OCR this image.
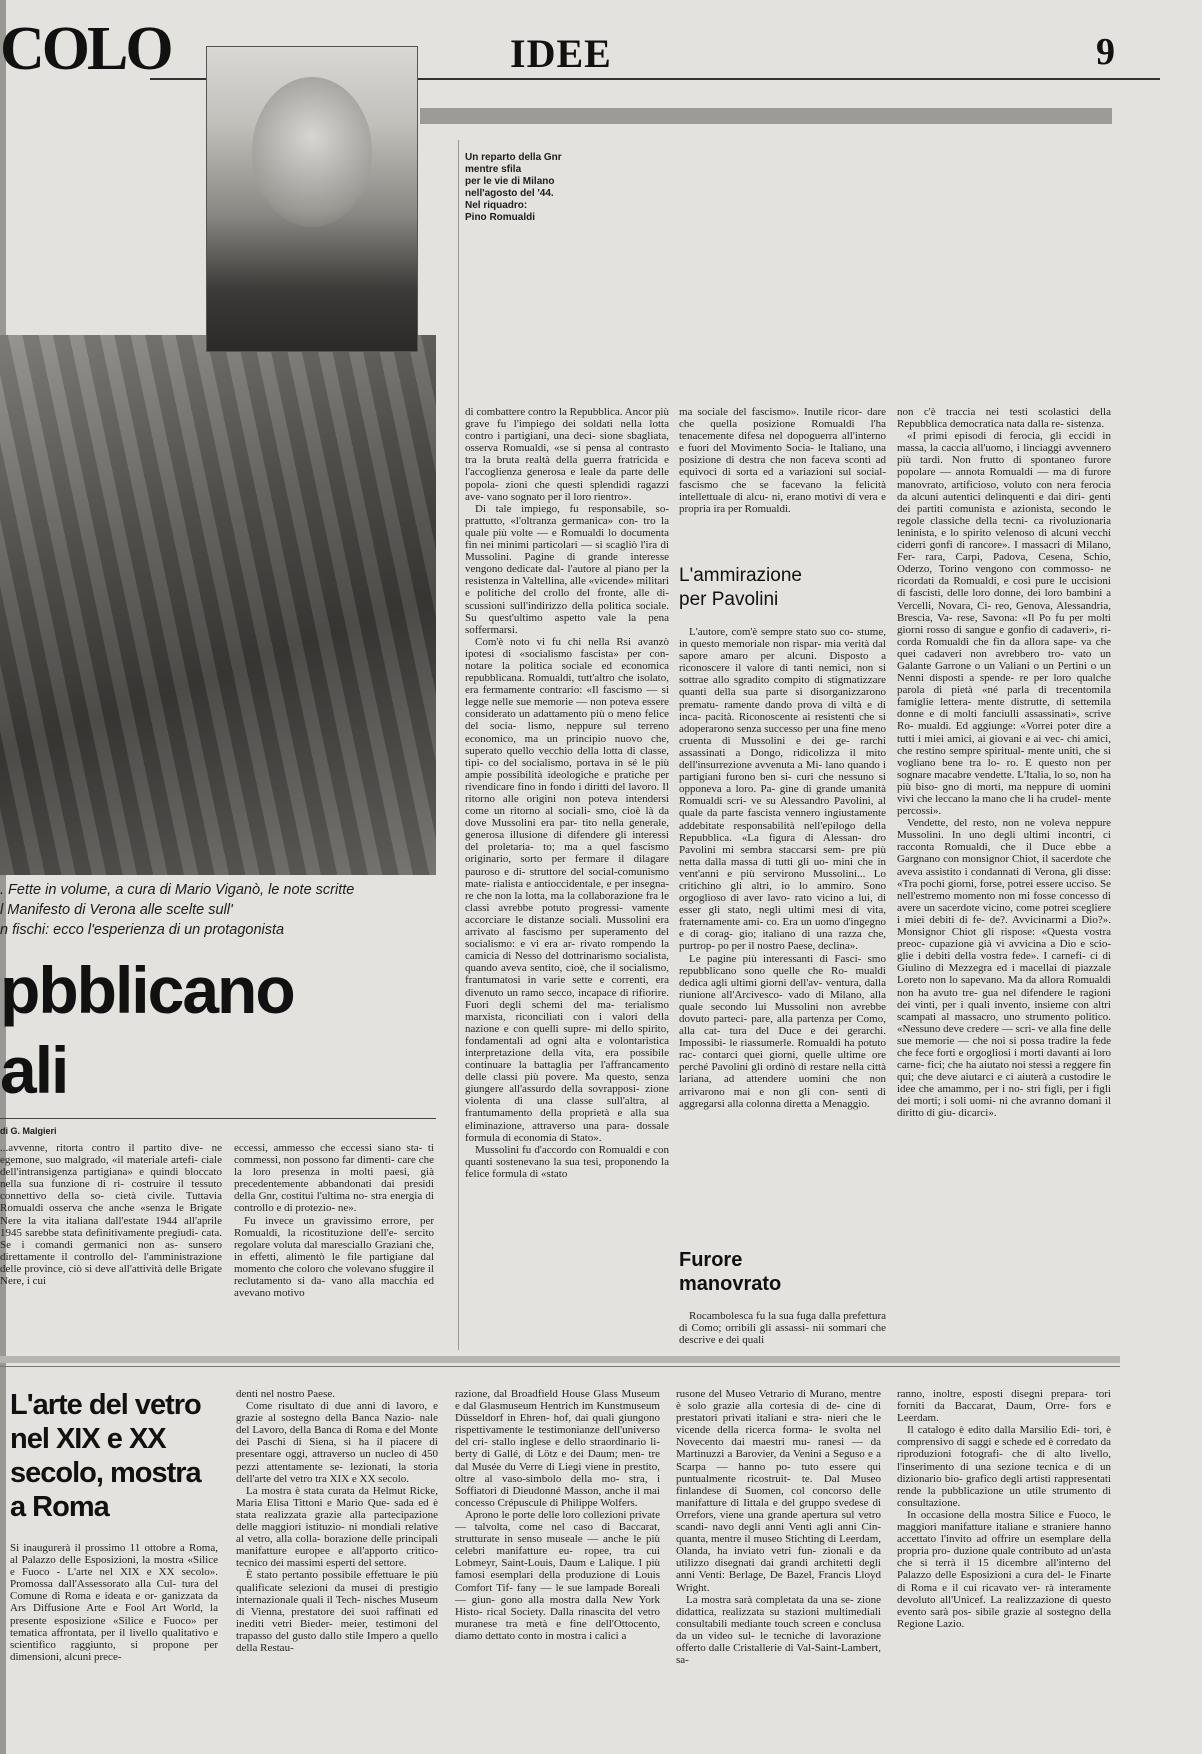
COLO	IDEE	9
Un reparto della Gnr
mentre sfila
per le vie di Milano
nell'agosto del '44.
Nel riquadro:
Pino Romualdi
. Fette in volume, a cura di Mario Viganò, le note scritte
l Manifesto di Verona alle scelte sull'
n fischi: ecco l'esperienza di un protagonista
pbblicano
ali
di G. Malgieri

...avvenne, ritorta contro il partito dive- ne egemone, suo malgrado, «il materiale artefi- ciale dell'intransigenza partigiana» e quindi bloccato nella sua funzione di ri- costruire il tessuto connettivo della so- cietà civile. Tuttavia Romualdi osserva che anche «senza le Brigate Nere la vita italiana dall'estate 1944 all'aprile 1945 sarebbe stata definitivamente pregiudi- cata. Se i comandi germanici non as- sunsero direttamente il controllo del- l'amministrazione delle province, ciò si deve all'attività delle Brigate Nere, i cui

eccessi, ammesso che eccessi siano sta- ti commessi, non possono far dimenti- care che la loro presenza in molti paesi, già precedentemente abbandonati dai presidi della Gnr, costituì l'ultima no- stra energia di controllo e di protezio- ne».

Fu invece un gravissimo errore, per Romualdi, la ricostituzione dell'e- sercito regolare voluta dal maresciallo Graziani che, in effetti, alimentò le file partigiane dal momento che coloro che volevano sfuggire il reclutamento si da- vano alla macchia ed avevano motivo

di combattere contro la Repubblica. Ancor più grave fu l'impiego dei soldati nella lotta contro i partigiani, una deci- sione sbagliata, osserva Romualdi, «se si pensa al contrasto tra la bruta realtà della guerra fratricida e l'accoglienza generosa e leale da parte delle popola- zioni che questi splendidi ragazzi ave- vano sognato per il loro rientro».

Di tale impiego, fu responsabile, so- prattutto, «l'oltranza germanica» con- tro la quale più volte — e Romualdi lo documenta fin nei minimi particolari — si scagliò l'ira di Mussolini. Pagine di grande interesse vengono dedicate dal- l'autore al piano per la resistenza in Valtellina, alle «vicende» militari e politiche del crollo del fronte, alle di- scussioni sull'indirizzo della politica sociale. Su quest'ultimo aspetto vale la pena soffermarsi.

Com'è noto vi fu chi nella Rsi avanzò ipotesi di «socialismo fascista» per con- notare la politica sociale ed economica repubblicana. Romualdi, tutt'altro che isolato, era fermamente contrario: «Il fascismo — si legge nelle sue memorie — non poteva essere considerato un adattamento più o meno felice del socia- lismo, neppure sul terreno economico, ma un principio nuovo che, superato quello vecchio della lotta di classe, tipi- co del socialismo, portava in sé le più ampie possibilità ideologiche e pratiche per rivendicare fino in fondo i diritti del lavoro. Il ritorno alle origini non poteva intendersi come un ritorno al sociali- smo, cioè là da dove Mussolini era par- tito nella generale, generosa illusione di difendere gli interessi del proletaria- to; ma a quel fascismo originario, sorto per fermare il dilagare pauroso e di- struttore del social-comunismo mate- rialista e antioccidentale, e per insegna- re che non la lotta, ma la collaborazione fra le classi avrebbe potuto progressi- vamente accorciare le distanze sociali. Mussolini era arrivato al fascismo per superamento del socialismo: e vi era ar- rivato rompendo la camicia di Nesso del dottrinarismo socialista, quando aveva sentito, cioè, che il socialismo, frantumatosi in varie sette e correnti, era divenuto un ramo secco, incapace di rifiorire. Fuori degli schemi del ma- terialismo marxista, riconciliati con i valori della nazione e con quelli supre- mi dello spirito, fondamentali ad ogni alta e volontaristica interpretazione della vita, era possibile continuare la battaglia per l'affrancamento delle classi più povere. Ma questo, senza giungere all'assurdo della sovrapposi- zione violenta di una classe sull'altra, al frantumamento della proprietà e alla sua eliminazione, attraverso una para- dossale formula di economia di Stato».

Mussolini fu d'accordo con Romualdi e con quanti sostenevano la sua tesi, proponendo la felice formula di «stato

ma sociale del fascismo». Inutile ricor- dare che quella posizione Romualdi l'ha tenacemente difesa nel dopoguerra all'interno e fuori del Movimento Socia- le Italiano, una posizione di destra che non faceva sconti ad equivoci di sorta ed a variazioni sul social-fascismo che se facevano la felicità intellettuale di alcu- ni, erano motivi di vera e propria ira per Romualdi.

L'ammirazione
per Pavolini

L'autore, com'è sempre stato suo co- stume, in questo memoriale non rispar- mia verità dal sapore amaro per alcuni. Disposto a riconoscere il valore di tanti nemici, non si sottrae allo sgradito compito di stigmatizzare quanti della sua parte si disorganizzarono prematu- ramente dando prova di viltà e di inca- pacità. Riconoscente ai resistenti che si adoperarono senza successo per una fine meno cruenta di Mussolini e dei ge- rarchi assassinati a Dongo, ridicolizza il mito dell'insurrezione avvenuta a Mi- lano quando i partigiani furono ben si- curi che nessuno si opponeva a loro. Pa- gine di grande umanità Romualdi scri- ve su Alessandro Pavolini, al quale da parte fascista vennero ingiustamente addebitate responsabilità nell'epilogo della Repubblica. «La figura di Alessan- dro Pavolini mi sembra staccarsi sem- pre più netta dalla massa di tutti gli uo- mini che in vent'anni e più servirono Mussolini... Lo critichino gli altri, io lo ammiro. Sono orgoglioso di aver lavo- rato vicino a lui, di esser gli stato, negli ultimi mesi di vita, fraternamente ami- co. Era un uomo d'ingegno e di corag- gio; italiano di una razza che, purtrop- po per il nostro Paese, declina».

Le pagine più interessanti di Fasci- smo repubblicano sono quelle che Ro- mualdi dedica agli ultimi giorni dell'av- ventura, dalla riunione all'Arcivesco- vado di Milano, alla quale secondo lui Mussolini non avrebbe dovuto parteci- pare, alla partenza per Como, alla cat- tura del Duce e dei gerarchi. Impossibi- le riassumerle. Romualdi ha potuto rac- contarci quei giorni, quelle ultime ore perché Pavolini gli ordinò di restare nella città lariana, ad attendere uomini che non arrivarono mai e non gli con- sentì di aggregarsi alla colonna diretta a Menaggio.

Furore
manovrato

Rocambolesca fu la sua fuga dalla prefettura di Como; orribili gli assassi- nii sommari che descrive e dei quali

non c'è traccia nei testi scolastici della Repubblica democratica nata dalla re- sistenza.

«I primi episodi di ferocia, gli eccidi in massa, la caccia all'uomo, i linciaggi avvennero più tardi. Non frutto di spontaneo furore popolare — annota Romualdi — ma di furore manovrato, artificioso, voluto con nera ferocia da alcuni autentici delinquenti e dai diri- genti dei partiti comunista e azionista, secondo le regole classiche della tecni- ca rivoluzionaria leninista, e lo spirito velenoso di alcuni vecchi ciderri gonfi di rancore». I massacri di Milano, Fer- rara, Carpi, Padova, Cesena, Schio, Oderzo, Torino vengono con commosso- ne ricordati da Romualdi, e così pure le uccisioni di fascisti, delle loro donne, dei loro bambini a Vercelli, Novara, Ci- reo, Genova, Alessandria, Brescia, Va- rese, Savona: «Il Po fu per molti giorni rosso di sangue e gonfio di cadaveri», ri- corda Romualdi che fin da allora sape- va che quei cadaveri non avrebbero tro- vato un Galante Garrone o un Valiani o un Pertini o un Nenni disposti a spende- re per loro qualche parola di pietà «né parla di trecentomila famiglie lettera- mente distrutte, di settemila donne e di molti fanciulli assassinati», scrive Ro- mualdi. Ed aggiunge: «Vorrei poter dire a tutti i miei amici, ai giovani e ai vec- chi amici, che restino sempre spiritual- mente uniti, che si vogliano bene tra lo- ro. E questo non per sognare macabre vendette. L'Italia, lo so, non ha più biso- gno di morti, ma neppure di uomini vivi che leccano la mano che li ha crudel- mente percossi».

Vendette, del resto, non ne voleva neppure Mussolini. In uno degli ultimi incontri, ci racconta Romualdi, che il Duce ebbe a Gargnano con monsignor Chiot, il sacerdote che aveva assistito i condannati di Verona, gli disse: «Tra pochi giorni, forse, potrei essere ucciso. Se nell'estremo momento non mi fosse concesso di avere un sacerdote vicino, come potrei scegliere i miei debiti di fe- de?. Avvicinarmi a Dio?». Monsignor Chiot gli rispose: «Questa vostra preoc- cupazione già vi avvicina a Dio e scio- glie i debiti della vostra fede». I carnefi- ci di Giulino di Mezzegra ed i macellai di piazzale Loreto non lo sapevano. Ma da allora Romualdi non ha avuto tre- gua nel difendere le ragioni dei vinti, per i quali invento, insieme con altri scampati al massacro, uno strumento politico. «Nessuno deve credere — scri- ve alla fine delle sue memorie — che noi si possa tradire la fede che fece forti e orgogliosi i morti davanti ai loro carne- fici; che ha aiutato noi stessi a reggere fin qui; che deve aiutarci e ci aiuterà a custodire le idee che amammo, per i no- stri figli, per i figli dei morti; i soli uomi- ni che avranno domani il diritto di giu- dicarci».

L'arte del vetro
nel XIX e XX
secolo, mostra
a Roma

Si inaugurerà il prossimo 11 ottobre a Roma, al Palazzo delle Esposizioni, la mostra «Silice e Fuoco - L'arte nel XIX e XX secolo». Promossa dall'Assessorato alla Cul- tura del Comune di Roma e ideata e or- ganizzata da Ars Diffusione Arte e Fool Art World, la presente esposizione «Silice e Fuoco» per tematica affrontata, per il livello qualitativo e scientifico raggiunto, si propone per dimensioni, alcuni prece-

denti nel nostro Paese.

Come risultato di due anni di lavoro, e grazie al sostegno della Banca Nazio- nale del Lavoro, della Banca di Roma e del Monte dei Paschi di Siena, si ha il piacere di presentare oggi, attraverso un nucleo di 450 pezzi attentamente se- lezionati, la storia dell'arte del vetro tra XIX e XX secolo.

La mostra è stata curata da Helmut Ricke, Maria Elisa Tittoni e Mario Que- sada ed è stata realizzata grazie alla partecipazione delle maggiori istituzio- ni mondiali relative al vetro, alla colla- borazione delle principali manifatture europee e all'apporto critico-tecnico dei massimi esperti del settore.

È stato pertanto possibile effettuare le più qualificate selezioni da musei di prestigio internazionale quali il Tech- nisches Museum di Vienna, prestatore dei suoi raffinati ed inediti vetri Bieder- meier, testimoni del trapasso del gusto dallo stile Impero a quello della Restau-

razione, dal Broadfield House Glass Museum e dal Glasmuseum Hentrich im Kunstmuseum Düsseldorf in Ehren- hof, dai quali giungono rispettivamente le testimonianze dell'universo del cri- stallo inglese e dello straordinario li- berty di Gallé, di Lötz e dei Daum; men- tre dal Musée du Verre di Liegi viene in prestito, oltre al vaso-simbolo della mo- stra, i Soffiatori di Dieudonné Masson, anche il mai concesso Crépuscule di Philippe Wolfers.

Aprono le porte delle loro collezioni private — talvolta, come nel caso di Baccarat, strutturate in senso museale — anche le più celebri manifatture eu- ropee, tra cui Lobmeyr, Saint-Louis, Daum e Lalique. I più famosi esemplari della produzione di Louis Comfort Tif- fany — le sue lampade Boreali — giun- gono alla mostra dalla New York Histo- rical Society. Dalla rinascita del vetro muranese tra metà e fine dell'Ottocento, diamo dettato conto in mostra i calici a

rusone del Museo Vetrario di Murano, mentre è solo grazie alla cortesia di de- cine di prestatori privati italiani e stra- nieri che le vicende della ricerca forma- le svolta nel Novecento dai maestri mu- ranesi — da Martinuzzi a Barovier, da Venini a Seguso e a Scarpa — hanno po- tuto essere qui puntualmente ricostruit- te. Dal Museo finlandese di Suomen, col concorso delle manifatture di Iittala e del gruppo svedese di Orrefors, viene una grande apertura sul vetro scandi- navo degli anni Venti agli anni Cin- quanta, mentre il museo Stichting di Leerdam, Olanda, ha inviato vetri fun- zionali e da utilizzo disegnati dai grandi architetti degli anni Venti: Berlage, De Bazel, Francis Lloyd Wright.

La mostra sarà completata da una se- zione didattica, realizzata su stazioni multimediali consultabili mediante touch screen e conclusa da un video sul- le tecniche di lavorazione offerto dalle Cristallerie di Val-Saint-Lambert, sa-

ranno, inoltre, esposti disegni prepara- tori forniti da Baccarat, Daum, Orre- fors e Leerdam.

Il catalogo è edito dalla Marsilio Edi- tori, è comprensivo di saggi e schede ed è corredato da riproduzioni fotografi- che di alto livello, l'inserimento di una sezione tecnica e di un dizionario bio- grafico degli artisti rappresentati rende la pubblicazione un utile strumento di consultazione.

In occasione della mostra Silice e Fuoco, le maggiori manifatture italiane e straniere hanno accettato l'invito ad offrire un esemplare della propria pro- duzione quale contributo ad un'asta che si terrà il 15 dicembre all'interno del Palazzo delle Esposizioni a cura del- le Finarte di Roma e il cui ricavato ver- rà interamente devoluto all'Unicef. La realizzazione di questo evento sarà pos- sibile grazie al sostegno della Regione Lazio.
